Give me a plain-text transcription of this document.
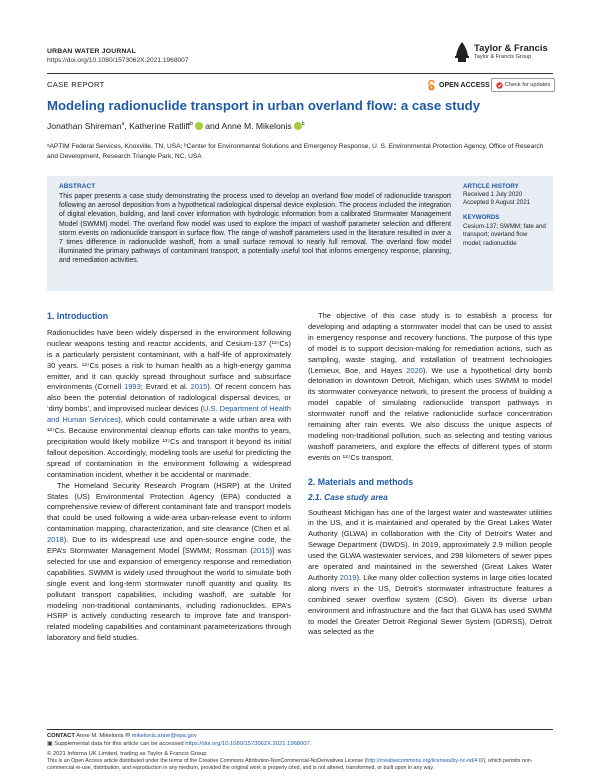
URBAN WATER JOURNAL
https://doi.org/10.1080/1573062X.2021.1968007
Taylor & Francis
Taylor & Francis Group
CASE REPORT	OPEN ACCESS	Check for updates
Modeling radionuclide transport in urban overland flow: a case study
Jonathan Shireman$^a$, Katherine Ratliff$^b$ and Anne M. Mikelonis $^b$
ᵃAPTIM Federal Services, Knoxville, TN, USA; ᵇCenter for Environmental Solutions and Emergency Response, U. S. Environmental Protection Agency, Office of Research and Development, Research Triangle Park, NC, USA
ABSTRACT
This paper presents a case study demonstrating the process used to develop an overland flow model of radionuclide transport following an aerosol deposition from a hypothetical radiological dispersal device explosion. The process included the integration of digital elevation, building, and land cover information with hydrologic information from a calibrated Stormwater Management Model (SWMM) model. The overland flow model was used to explore the impact of washoff parameter selection and different storm events on radionuclide transport in surface flow. The range of washoff parameters used in the literature resulted in over a 7 times difference in radionuclide washoff, from a small surface removal to nearly full removal. The overland flow model illuminated the primary pathways of contaminant transport, a potentially useful tool that informs emergency response, planning, and remediation activities.
ARTICLE HISTORY
Received 1 July 2020
Accepted 9 August 2021
KEYWORDS
Cesium-137; SWMM; fate and transport; overland flow model; radionuclide
1. Introduction

Radionuclides have been widely dispersed in the environment following nuclear weapons testing and reactor accidents, and Cesium-137 (¹³⁷Cs) is a particularly persistent contaminant, with a half-life of approximately 30 years. ¹³⁷Cs poses a risk to human health as a high-energy gamma emitter, and it can quickly spread throughout surface and subsurface environments (Cornell 1993; Evrard et al. 2015). Of recent concern has also been the potential detonation of radiological dispersal devices, or ‘dirty bombs’, and improvised nuclear devices (U.S. Department of Health and Human Services), which could contaminate a wide urban area with ¹³⁷Cs. Because environmental cleanup efforts can take months to years, precipitation would likely mobilize ¹³⁷Cs and transport it beyond its initial fallout deposition. Accordingly, modeling tools are useful for predicting the spread of contamination in the environment following a widespread contamination incident, whether it be accidental or manmade.

The Homeland Security Research Program (HSRP) at the United States (US) Environmental Protection Agency (EPA) conducted a comprehensive review of different contaminant fate and transport models that could be used following a wide-area urban-release event to inform contamination mapping, characterization, and site clearance (Chen et al. 2018). Due to its widespread use and open-source engine code, the EPA’s Stormwater Management Model [SWMM; Rossman (2015)] was selected for use and expansion of emergency response and remediation capabilities. SWMM is widely used throughout the world to simulate both single event and long-term stormwater runoff quantity and quality. Its pollutant transport capabilities, including washoff, are suitable for modeling non-traditional contaminants, including radionuclides. EPA’s HSRP is actively conducting research to improve fate and transport-related modeling capabilities and contaminant parameterizations through laboratory and field studies.

The objective of this case study is to establish a process for developing and adapting a stormwater model that can be used to assist in emergency response and recovery functions. The purpose of this type of model is to support decision-making for remediation actions, such as sampling, waste staging, and installation of treatment technologies (Lemieux, Boe, and Hayes 2020). We use a hypothetical dirty bomb detonation in downtown Detroit, Michigan, which uses SWMM to model its stormwater conveyance network, to present the process of building a model capable of simulating radionuclide transport pathways in stormwater runoff and the relative radionuclide surface concentration remaining after rain events. We also discuss the unique aspects of modeling non-traditional pollution, such as selecting and testing various washoff parameters, and explore the effects of different types of storm events on ¹³⁷Cs transport.

2. Materials and methods
2.1. Case study area

Southeast Michigan has one of the largest water and wastewater utilities in the US, and it is maintained and operated by the Great Lakes Water Authority (GLWA) in collaboration with the City of Detroit’s Water and Sewage Department (DWDS). In 2019, approximately 2.9 million people used the GLWA wastewater services, and 298 kilometers of sewer pipes are operated and maintained in the sewershed (Great Lakes Water Authority 2019). Like many older collection systems in large cities located along rivers in the US, Detroit’s stormwater infrastructure features a combined sewer overflow system (CSO). Given its diverse urban environment and infrastructure and the fact that GLWA has used SWMM to model the Greater Detroit Regional Sewer System (GDRSS), Detroit was selected as the

CONTACT Anne M. Mikelonis ✉ mikelonis.anne@epa.gov
▣ Supplemental data for this article can be accessed https://doi.org/10.1080/1573062X.2021.1968007.
© 2021 Informa UK Limited, trading as Taylor & Francis Group
This is an Open Access article distributed under the terms of the Creative Commons Attribution-NonCommercial-NoDerivatives License (http://creativecommons.org/licenses/by-nc-nd/4.0/), which permits non-commercial re-use, distribution, and reproduction in any medium, provided the original work is properly cited, and is not altered, transformed, or built upon in any way.
